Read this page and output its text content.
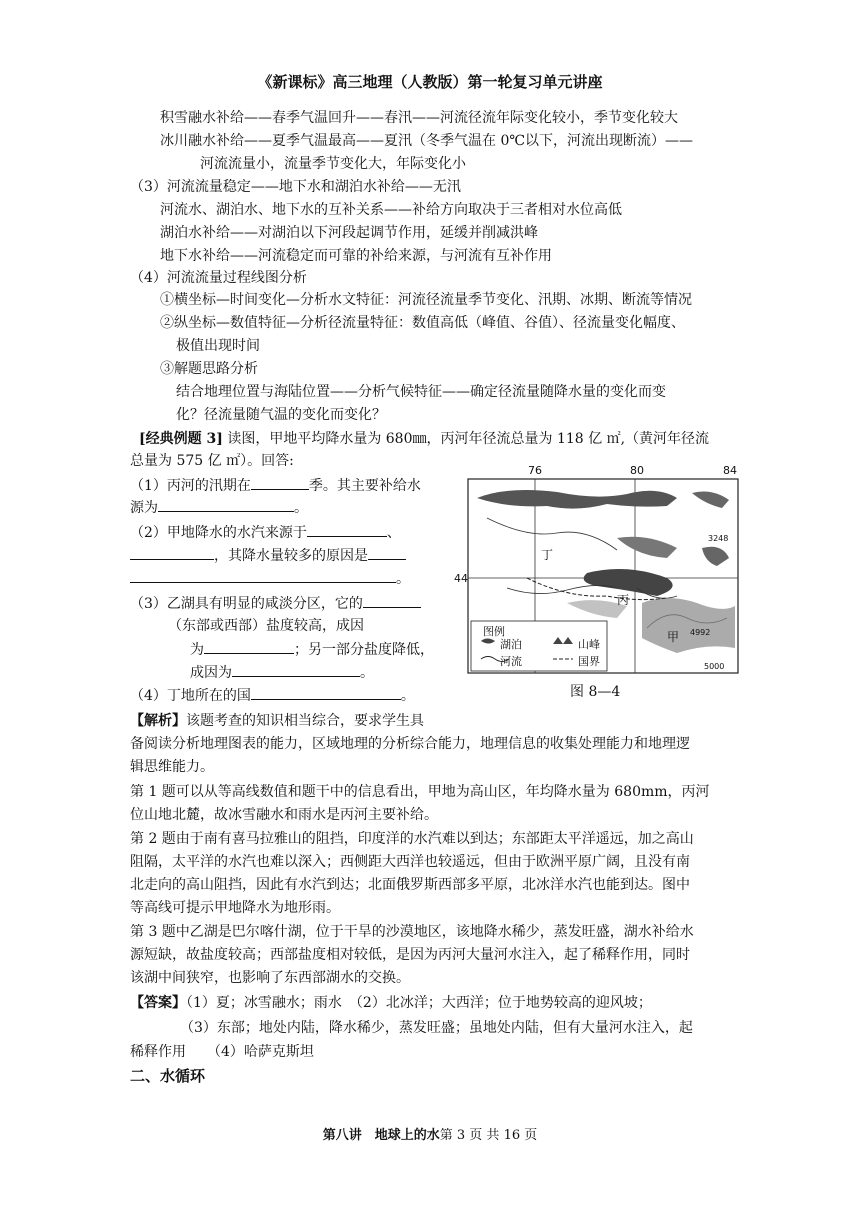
《新课标》高三地理（人教版）第一轮复习单元讲座
积雪融水补给——春季气温回升——春汛——河流径流年际变化较小，季节变化较大
冰川融水补给——夏季气温最高——夏汛（冬季气温在 0℃以下，河流出现断流）——
河流流量小，流量季节变化大，年际变化小
（3）河流流量稳定——地下水和湖泊水补给——无汛
河流水、湖泊水、地下水的互补关系——补给方向取决于三者相对水位高低
湖泊水补给——对湖泊以下河段起调节作用，延缓并削减洪峰
地下水补给——河流稳定而可靠的补给来源，与河流有互补作用
（4）河流流量过程线图分析
①横坐标—时间变化—分析水文特征：河流径流量季节变化、汛期、冰期、断流等情况
②纵坐标—数值特征—分析径流量特征：数值高低（峰值、谷值）、径流量变化幅度、
极值出现时间
③解题思路分析
结合地理位置与海陆位置——分析气候特征——确定径流量随降水量的变化而变
化？径流量随气温的变化而变化？
[经典例题 3] 读图，甲地平均降水量为 680㎜，丙河年径流总量为 118 亿 ㎡,（黄河年径流
总量为 575 亿 ㎡）。回答:
（1）丙河的汛期在	季。其主要补给水
源为	。
（2）甲地降水的水汽来源于	、
，其降水量较多的原因是
。
（3）乙湖具有明显的咸淡分区，它的
（东部或西部）盐度较高，成因
为	；另一部分盐度降低，
成因为	。
（4）丁地所在的国	。
76	80	84
44
丁
丙
甲
图例
湖泊	山峰
河流	国界
3248
4992
5000
图 8—4
【解析】该题考查的知识相当综合，要求学生具
备阅读分析地理图表的能力，区域地理的分析综合能力，地理信息的收集处理能力和地理逻
辑思维能力。
第 1 题可以从等高线数值和题干中的信息看出，甲地为高山区，年均降水量为 680mm，丙河
位山地北麓，故冰雪融水和雨水是丙河主要补给。
第 2 题由于南有喜马拉雅山的阻挡，印度洋的水汽难以到达；东部距太平洋遥远，加之高山
阻隔，太平洋的水汽也难以深入；西侧距大西洋也较遥远，但由于欧洲平原广阔，且没有南
北走向的高山阻挡，因此有水汽到达；北面俄罗斯西部多平原，北冰洋水汽也能到达。图中
等高线可提示甲地降水为地形雨。
第 3 题中乙湖是巴尔喀什湖，位于干旱的沙漠地区，该地降水稀少，蒸发旺盛，湖水补给水
源短缺，故盐度较高；西部盐度相对较低，是因为丙河大量河水注入，起了稀释作用，同时
该湖中间狭窄，也影响了东西部湖水的交换。
【答案】（1）夏；冰雪融水；雨水　（2）北冰洋；大西洋；位于地势较高的迎风坡；
（3）东部；地处内陆，降水稀少，蒸发旺盛；虽地处内陆，但有大量河水注入，起
稀释作用　　（4）哈萨克斯坦
二、水循环
第八讲  地球上的水第 3 页 共 16 页
